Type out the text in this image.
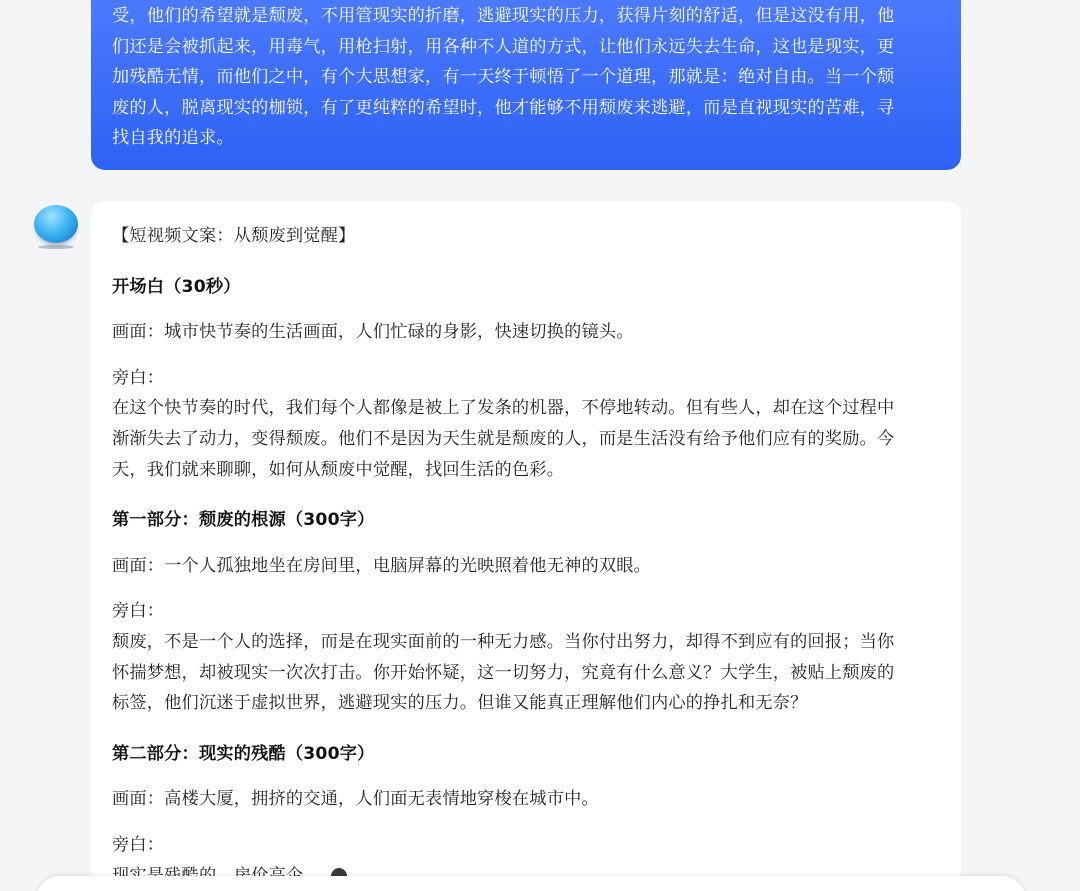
受，他们的希望就是颓废，不用管现实的折磨，逃避现实的压力，获得片刻的舒适，但是这没有用，他

们还是会被抓起来，用毒气，用枪扫射，用各种不人道的方式，让他们永远失去生命，这也是现实，更

加残酷无情，而他们之中，有个大思想家，有一天终于顿悟了一个道理，那就是：绝对自由。当一个颓

废的人，脱离现实的枷锁，有了更纯粹的希望时，他才能够不用颓废来逃避，而是直视现实的苦难，寻

找自我的追求。

【短视频文案：从颓废到觉醒】

开场白（30秒）

画面：城市快节奏的生活画面，人们忙碌的身影，快速切换的镜头。

旁白：

在这个快节奏的时代，我们每个人都像是被上了发条的机器，不停地转动。但有些人，却在这个过程中

渐渐失去了动力，变得颓废。他们不是因为天生就是颓废的人，而是生活没有给予他们应有的奖励。今

天，我们就来聊聊，如何从颓废中觉醒，找回生活的色彩。

第一部分：颓废的根源（300字）

画面：一个人孤独地坐在房间里，电脑屏幕的光映照着他无神的双眼。

旁白：

颓废，不是一个人的选择，而是在现实面前的一种无力感。当你付出努力，却得不到应有的回报；当你

怀揣梦想，却被现实一次次打击。你开始怀疑，这一切努力，究竟有什么意义？大学生，被贴上颓废的

标签，他们沉迷于虚拟世界，逃避现实的压力。但谁又能真正理解他们内心的挣扎和无奈？

第二部分：现实的残酷（300字）

画面：高楼大厦，拥挤的交通，人们面无表情地穿梭在城市中。

旁白：
